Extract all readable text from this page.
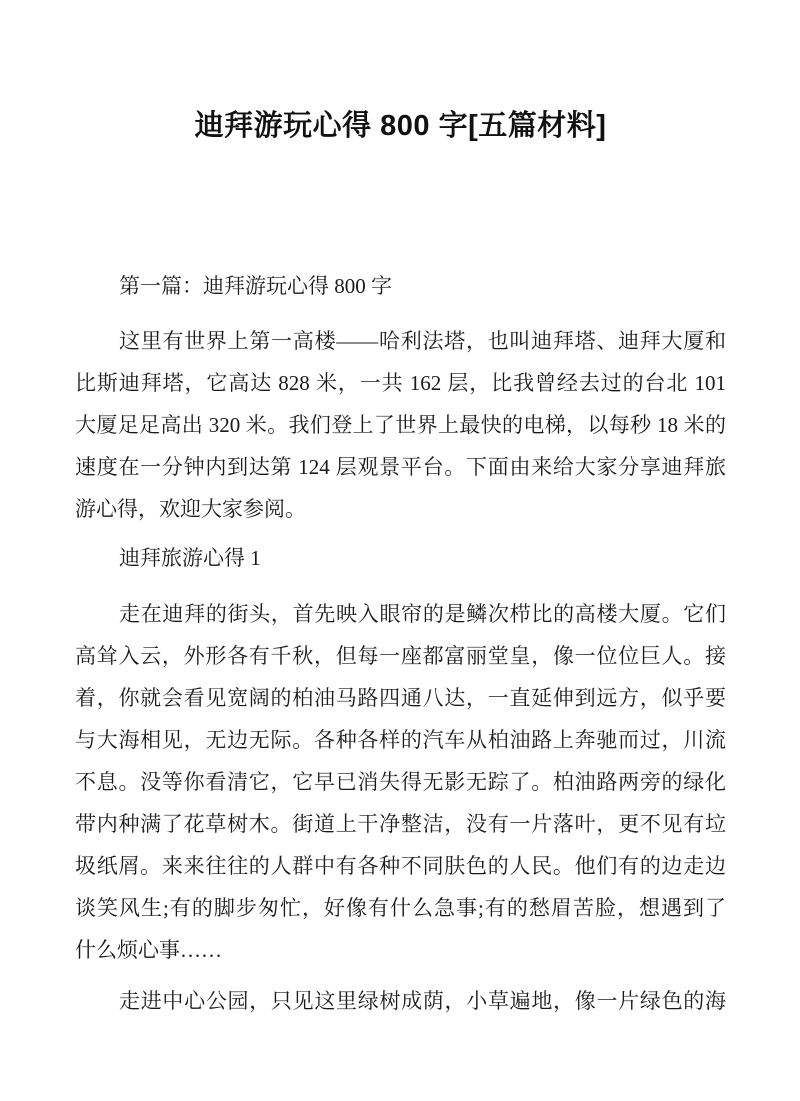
迪拜游玩心得 800 字[五篇材料]
第一篇：迪拜游玩心得 800 字
这里有世界上第一高楼——哈利法塔，也叫迪拜塔、迪拜大厦和
比斯迪拜塔，它高达 828 米，一共 162 层，比我曾经去过的台北 101
大厦足足高出 320 米。我们登上了世界上最快的电梯，以每秒 18 米的
速度在一分钟内到达第 124 层观景平台。下面由来给大家分享迪拜旅
游心得，欢迎大家参阅。
迪拜旅游心得 1
走在迪拜的街头，首先映入眼帘的是鳞次栉比的高楼大厦。它们
高耸入云，外形各有千秋，但每一座都富丽堂皇，像一位位巨人。接
着，你就会看见宽阔的柏油马路四通八达，一直延伸到远方，似乎要
与大海相见，无边无际。各种各样的汽车从柏油路上奔驰而过，川流
不息。没等你看清它，它早已消失得无影无踪了。柏油路两旁的绿化
带内种满了花草树木。街道上干净整洁，没有一片落叶，更不见有垃
圾纸屑。来来往往的人群中有各种不同肤色的人民。他们有的边走边
谈笑风生;有的脚步匆忙，好像有什么急事;有的愁眉苦脸，想遇到了
什么烦心事……
走进中心公园，只见这里绿树成荫，小草遍地，像一片绿色的海
